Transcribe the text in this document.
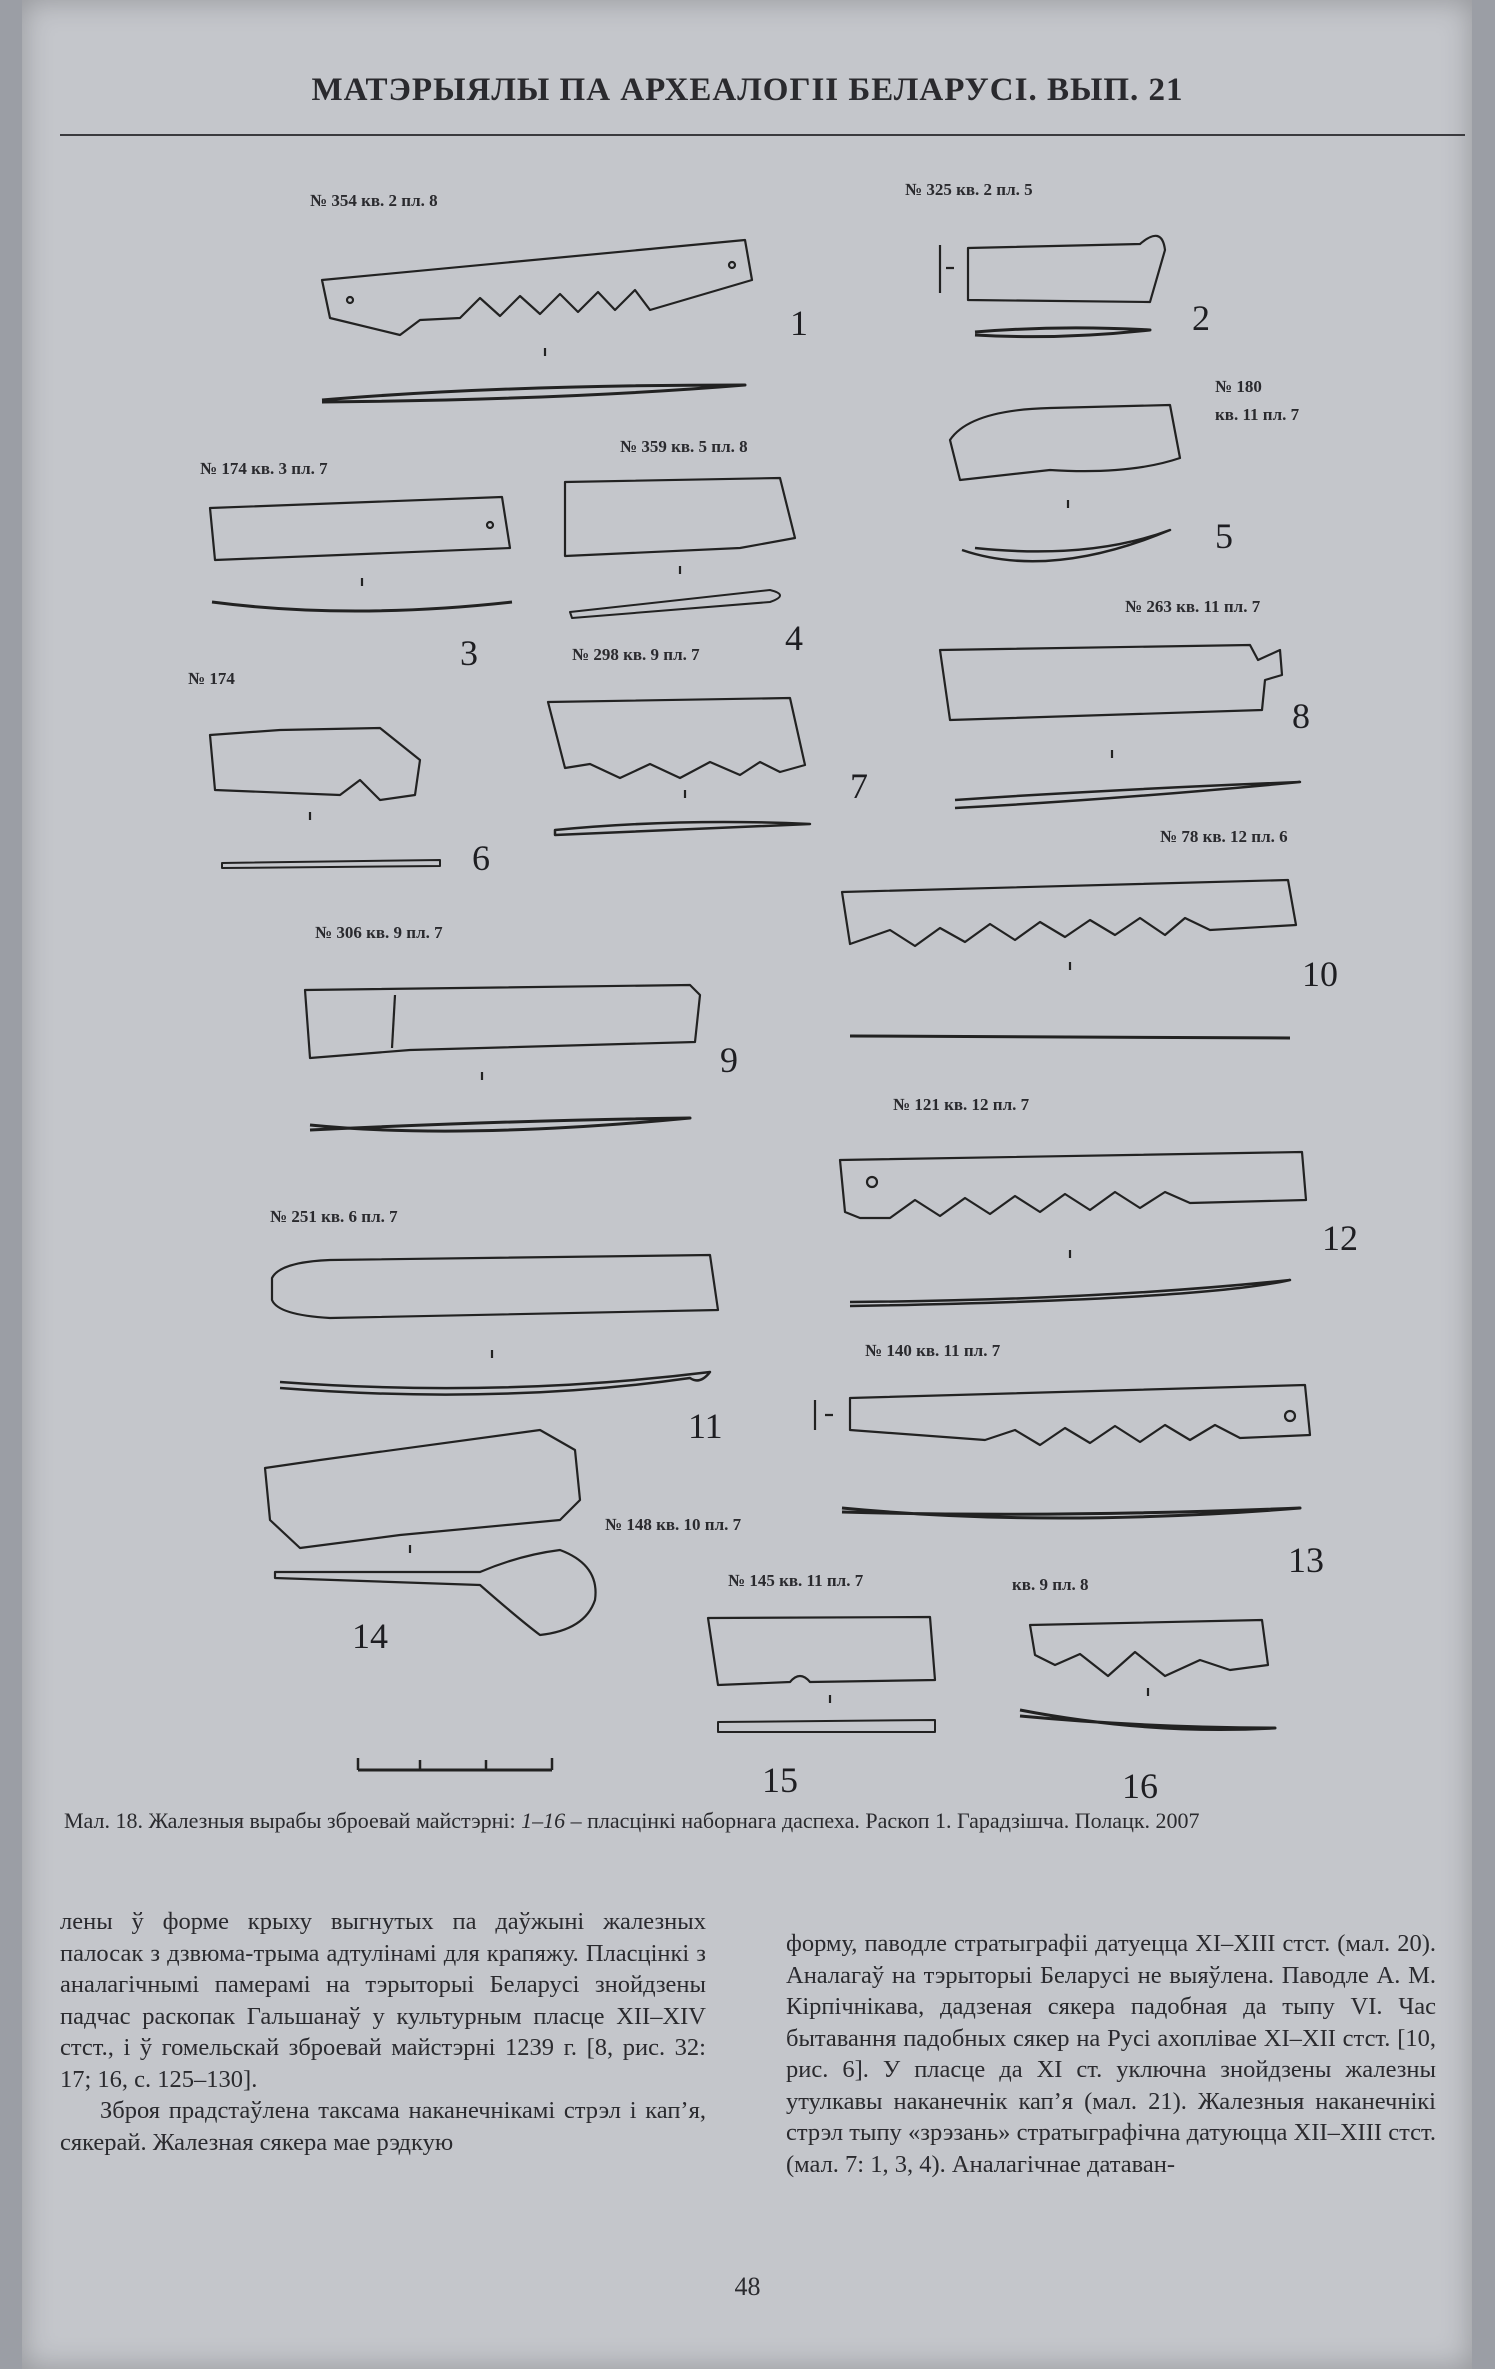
МАТЭРЫЯЛЫ ПА АРХЕАЛОГІІ БЕЛАРУСІ. ВЫП. 21
№ 354 кв. 2 пл. 8
№ 325 кв. 2 пл. 5
№ 174 кв. 3 пл. 7
№ 359 кв. 5 пл. 8
№ 180
кв. 11 пл. 7
№ 174
№ 298 кв. 9 пл. 7
№ 263 кв. 11 пл. 7
№ 306 кв. 9 пл. 7
№ 78 кв. 12 пл. 6
№ 251 кв. 6 пл. 7
№ 121 кв. 12 пл. 7
№ 140 кв. 11 пл. 7
№ 148 кв. 10 пл. 7
№ 145 кв. 11 пл. 7	кв. 9 пл. 8
1	2
3	4
5
6
7
8
9
10
11
12
13
14
15	16
Мал. 18. Жалезныя вырабы зброевай майстэрні: 1–16 – пласцінкі наборнага даспеха. Раскоп 1. Гарадзішча. Полацк. 2007

лены ў форме крыху выгнутых па даўжыні жалезных палосак з дзвюма-трыма адтулінамі для крапяжу. Пласцінкі з аналагічнымі памерамі на тэрыторыі Беларусі знойдзены падчас раскопак Гальшанаў у культурным пласце XII–XIV стст., і ў гомельскай зброевай майстэрні 1239 г. [8, рис. 32: 17; 16, с. 125–130].

Зброя прадстаўлена таксама наканечнікамі стрэл і кап’я, сякерай. Жалезная сякера мае рэдкую

форму, паводле стратыграфіі датуецца XI–XIII стст. (мал. 20). Аналагаў на тэрыторыі Беларусі не выяўлена. Паводле А. М. Кірпічнікава, дадзеная сякера падобная да тыпу VI. Час бытавання падобных сякер на Русі ахоплівае XI–XII стст. [10, рис. 6]. У пласце да XI ст. уключна знойдзены жалезны утулкавы наканечнік кап’я (мал. 21). Жалезныя наканечнікі стрэл тыпу «зрэзань» стратыграфічна датуюцца XII–XIII стст. (мал. 7: 1, 3, 4). Аналагічнае датаван-

48
